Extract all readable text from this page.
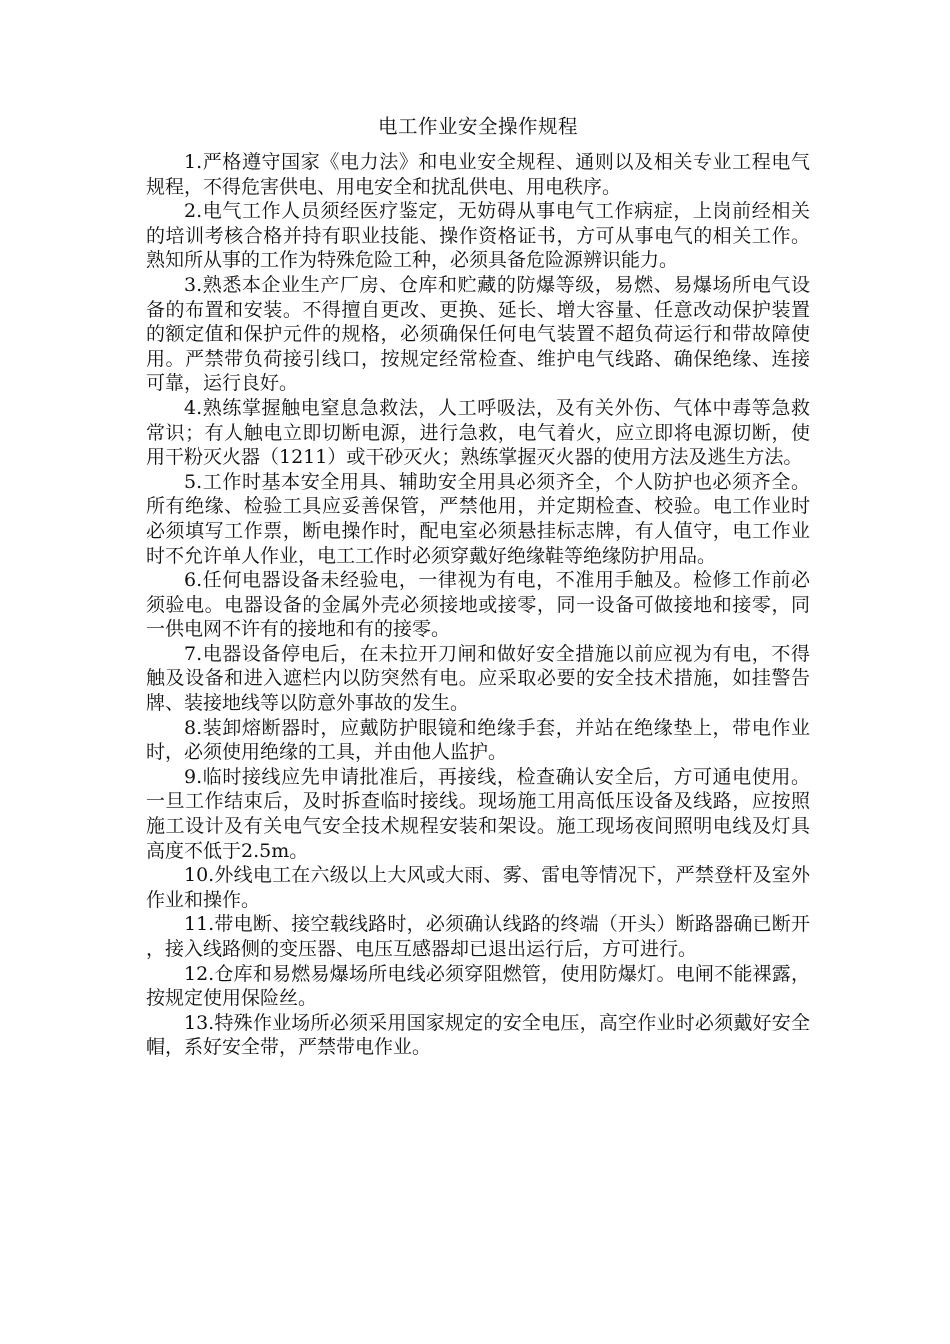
电工作业安全操作规程

1.严格遵守国家《电力法》和电业安全规程、通则以及相关专业工程电气规程，不得危害供电、用电安全和扰乱供电、用电秩序。

2.电气工作人员须经医疗鉴定，无妨碍从事电气工作病症，上岗前经相关的培训考核合格并持有职业技能、操作资格证书，方可从事电气的相关工作。熟知所从事的工作为特殊危险工种，必须具备危险源辨识能力。

3.熟悉本企业生产厂房、仓库和贮藏的防爆等级，易燃、易爆场所电气设备的布置和安装。不得擅自更改、更换、延长、增大容量、任意改动保护装置的额定值和保护元件的规格，必须确保任何电气装置不超负荷运行和带故障使用。严禁带负荷接引线口，按规定经常检查、维护电气线路、确保绝缘、连接可靠，运行良好。

4.熟练掌握触电窒息急救法，人工呼吸法，及有关外伤、气体中毒等急救常识；有人触电立即切断电源，进行急救，电气着火，应立即将电源切断，使用干粉灭火器（1211）或干砂灭火；熟练掌握灭火器的使用方法及逃生方法。

5.工作时基本安全用具、辅助安全用具必须齐全，个人防护也必须齐全。所有绝缘、检验工具应妥善保管，严禁他用，并定期检查、校验。电工作业时必须填写工作票，断电操作时，配电室必须悬挂标志牌，有人值守，电工作业时不允许单人作业，电工工作时必须穿戴好绝缘鞋等绝缘防护用品。

6.任何电器设备未经验电，一律视为有电，不准用手触及。检修工作前必须验电。电器设备的金属外壳必须接地或接零，同一设备可做接地和接零，同一供电网不许有的接地和有的接零。

7.电器设备停电后，在未拉开刀闸和做好安全措施以前应视为有电，不得触及设备和进入遮栏内以防突然有电。应采取必要的安全技术措施，如挂警告牌、装接地线等以防意外事故的发生。

8.装卸熔断器时，应戴防护眼镜和绝缘手套，并站在绝缘垫上，带电作业时，必须使用绝缘的工具，并由他人监护。

9.临时接线应先申请批准后，再接线，检查确认安全后，方可通电使用。一旦工作结束后，及时拆查临时接线。现场施工用高低压设备及线路，应按照施工设计及有关电气安全技术规程安装和架设。施工现场夜间照明电线及灯具高度不低于2.5m。

10.外线电工在六级以上大风或大雨、雾、雷电等情况下，严禁登杆及室外作业和操作。

11.带电断、接空载线路时，必须确认线路的终端（开头）断路器确已断开，接入线路侧的变压器、电压互感器却已退出运行后，方可进行。

12.仓库和易燃易爆场所电线必须穿阻燃管，使用防爆灯。电闸不能裸露，按规定使用保险丝。

13.特殊作业场所必须采用国家规定的安全电压，高空作业时必须戴好安全帽，系好安全带，严禁带电作业。
